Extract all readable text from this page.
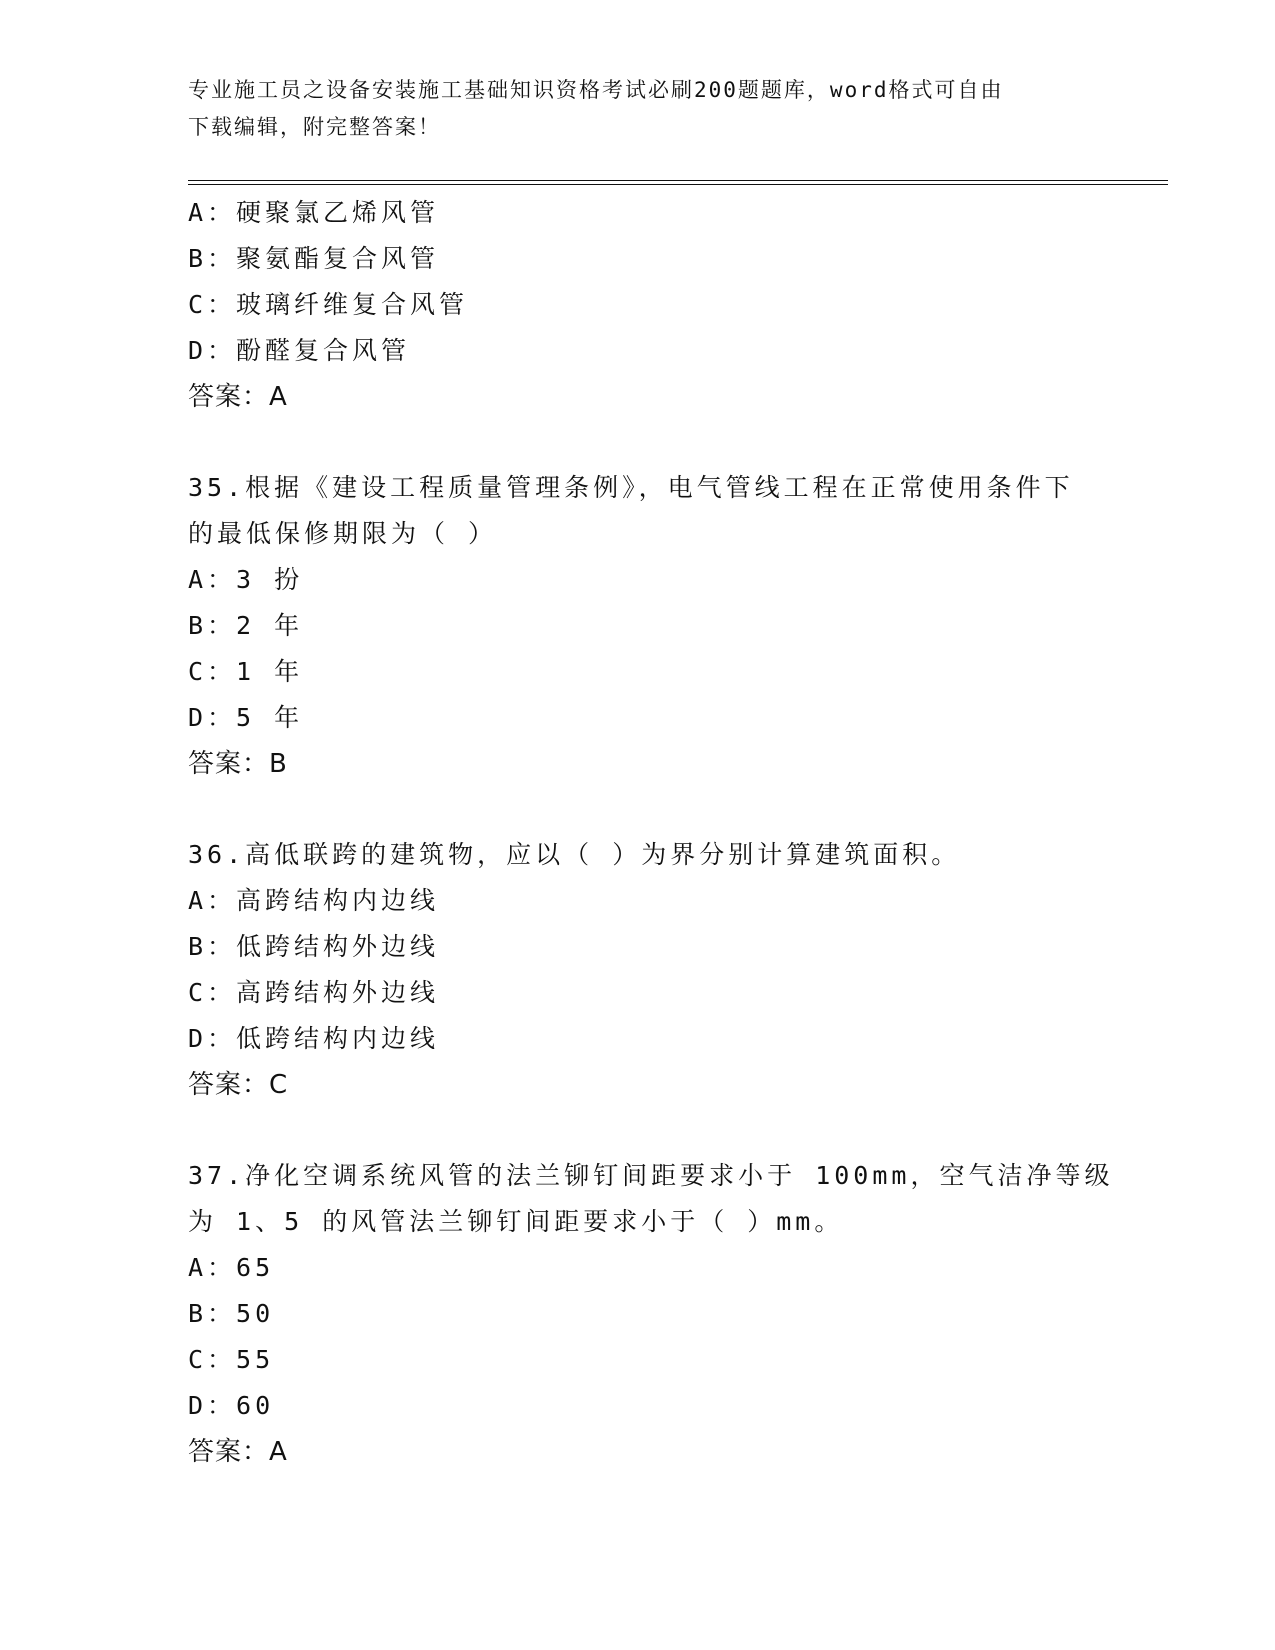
专业施工员之设备安装施工基础知识资格考试必刷200题题库，word格式可自由
下载编辑，附完整答案！
A：硬聚氯乙烯风管
B：聚氨酯复合风管
C：玻璃纤维复合风管
D：酚醛复合风管
答案：A
35.根据《建设工程质量管理条例》，电气管线工程在正常使用条件下
的最低保修期限为（ ）
A：3 扮
B：2 年
C：1 年
D：5 年
答案：B
36.高低联跨的建筑物，应以（ ）为界分别计算建筑面积。
A：高跨结构内边线
B：低跨结构外边线
C：高跨结构外边线
D：低跨结构内边线
答案：C
37.净化空调系统风管的法兰铆钉间距要求小于 100mm，空气洁净等级
为 1、5 的风管法兰铆钉间距要求小于（ ）mm。
A：65
B：50
C：55
D：60
答案：A
